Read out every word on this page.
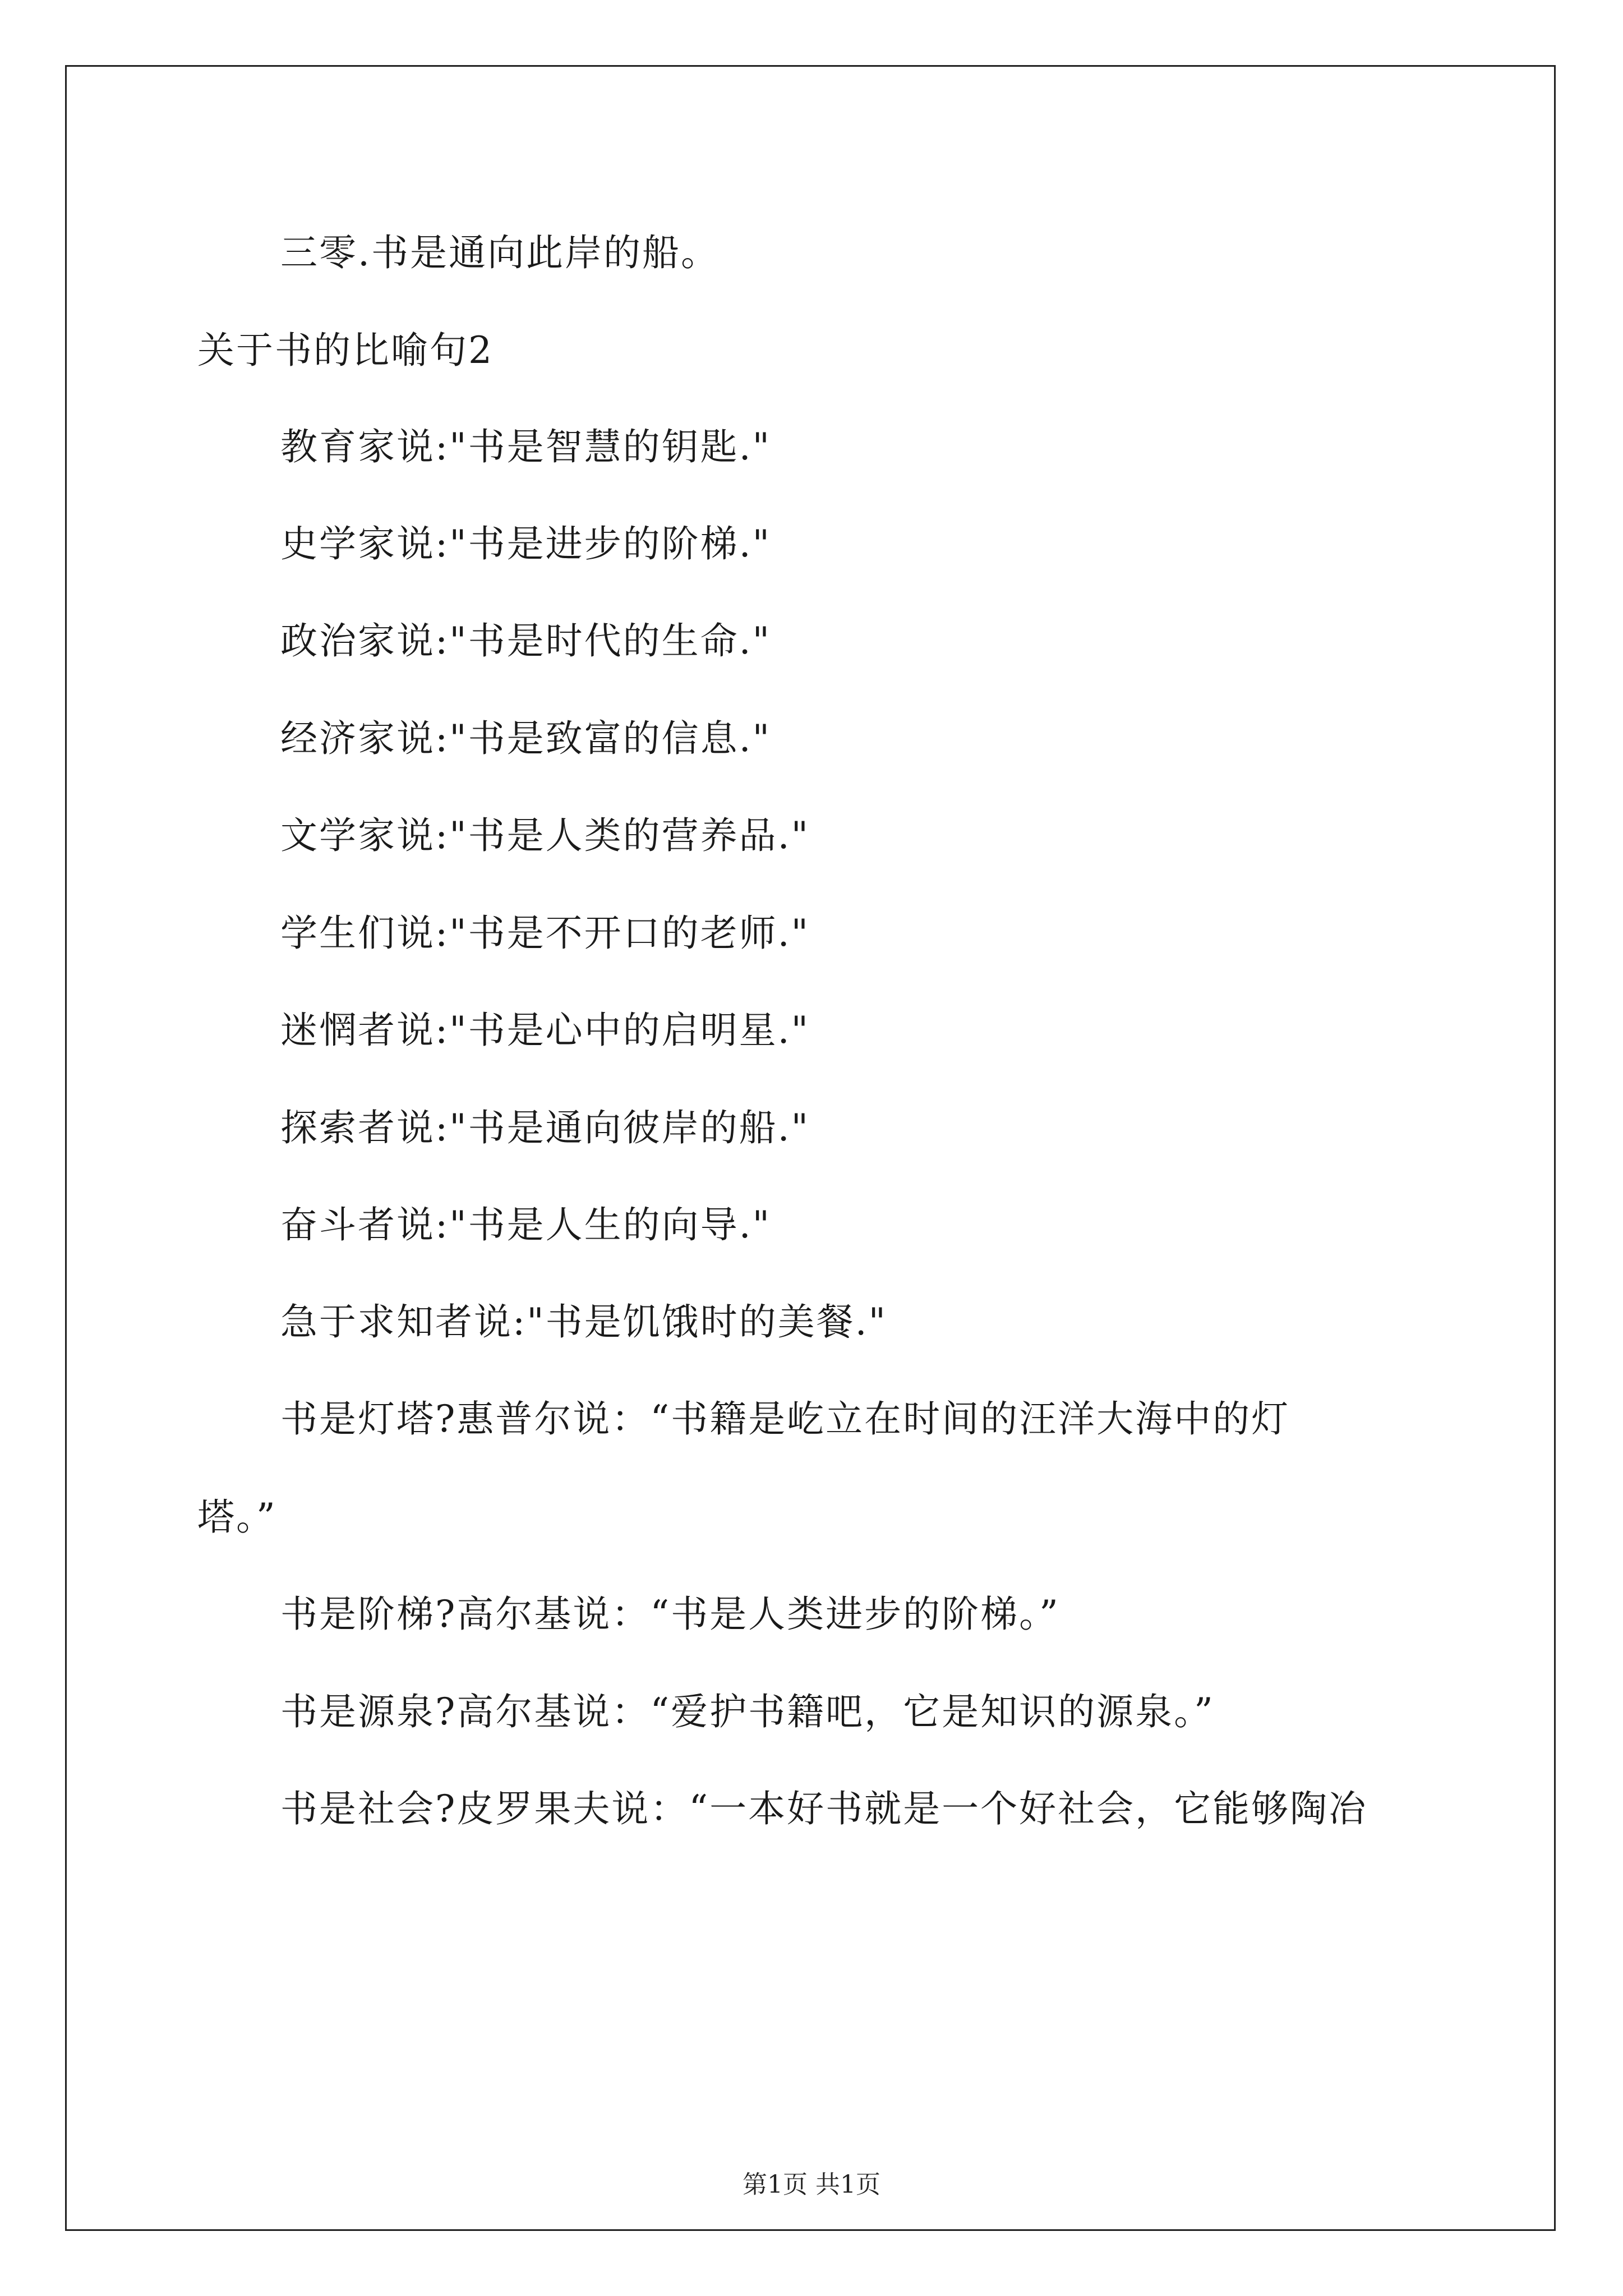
三零.书是通向此岸的船。
关于书的比喻句2
教育家说:"书是智慧的钥匙."
史学家说:"书是进步的阶梯."
政治家说:"书是时代的生命."
经济家说:"书是致富的信息."
文学家说:"书是人类的营养品."
学生们说:"书是不开口的老师."
迷惘者说:"书是心中的启明星."
探索者说:"书是通向彼岸的船."
奋斗者说:"书是人生的向导."
急于求知者说:"书是饥饿时的美餐."
书是灯塔?惠普尔说：“书籍是屹立在时间的汪洋大海中的灯
塔。”
书是阶梯?高尔基说：“书是人类进步的阶梯。”
书是源泉?高尔基说：“爱护书籍吧，它是知识的源泉。”
书是社会?皮罗果夫说：“一本好书就是一个好社会，它能够陶冶
第1页 共1页
